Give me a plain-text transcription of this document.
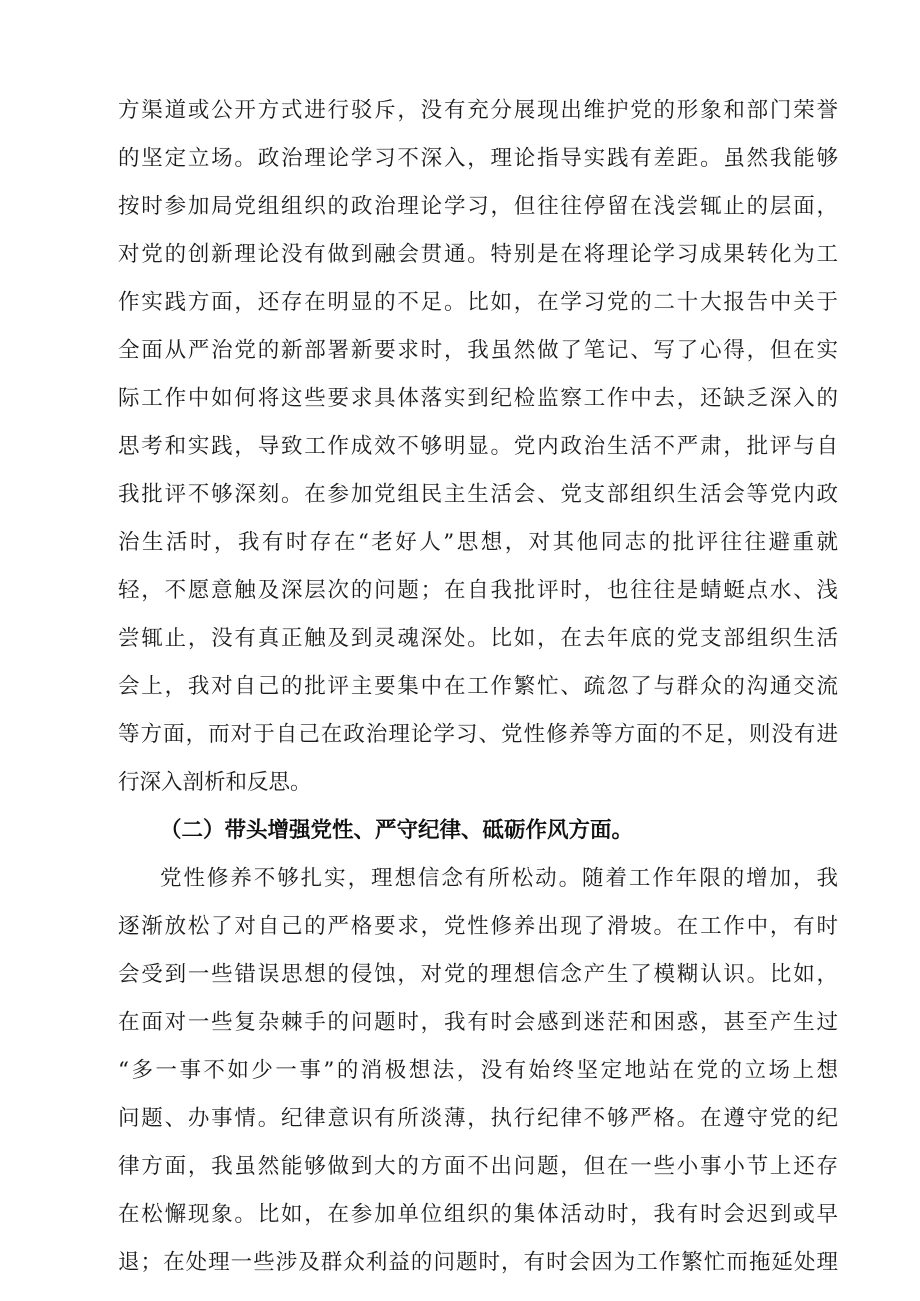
方渠道或公开方式进行驳斥，没有充分展现出维护党的形象和部门荣誉
的坚定立场。政治理论学习不深入，理论指导实践有差距。虽然我能够
按时参加局党组组织的政治理论学习，但往往停留在浅尝辄止的层面，
对党的创新理论没有做到融会贯通。特别是在将理论学习成果转化为工
作实践方面，还存在明显的不足。比如，在学习党的二十大报告中关于
全面从严治党的新部署新要求时，我虽然做了笔记、写了心得，但在实
际工作中如何将这些要求具体落实到纪检监察工作中去，还缺乏深入的
思考和实践，导致工作成效不够明显。党内政治生活不严肃，批评与自
我批评不够深刻。在参加党组民主生活会、党支部组织生活会等党内政
治生活时，我有时存在“老好人”思想，对其他同志的批评往往避重就
轻，不愿意触及深层次的问题；在自我批评时，也往往是蜻蜓点水、浅
尝辄止，没有真正触及到灵魂深处。比如，在去年底的党支部组织生活
会上，我对自己的批评主要集中在工作繁忙、疏忽了与群众的沟通交流
等方面，而对于自己在政治理论学习、党性修养等方面的不足，则没有进
行深入剖析和反思。
（二）带头增强党性、严守纪律、砥砺作风方面。
党性修养不够扎实，理想信念有所松动。随着工作年限的增加，我
逐渐放松了对自己的严格要求，党性修养出现了滑坡。在工作中，有时
会受到一些错误思想的侵蚀，对党的理想信念产生了模糊认识。比如，
在面对一些复杂棘手的问题时，我有时会感到迷茫和困惑，甚至产生过
“多一事不如少一事”的消极想法，没有始终坚定地站在党的立场上想
问题、办事情。纪律意识有所淡薄，执行纪律不够严格。在遵守党的纪
律方面，我虽然能够做到大的方面不出问题，但在一些小事小节上还存
在松懈现象。比如，在参加单位组织的集体活动时，我有时会迟到或早
退；在处理一些涉及群众利益的问题时，有时会因为工作繁忙而拖延处理
